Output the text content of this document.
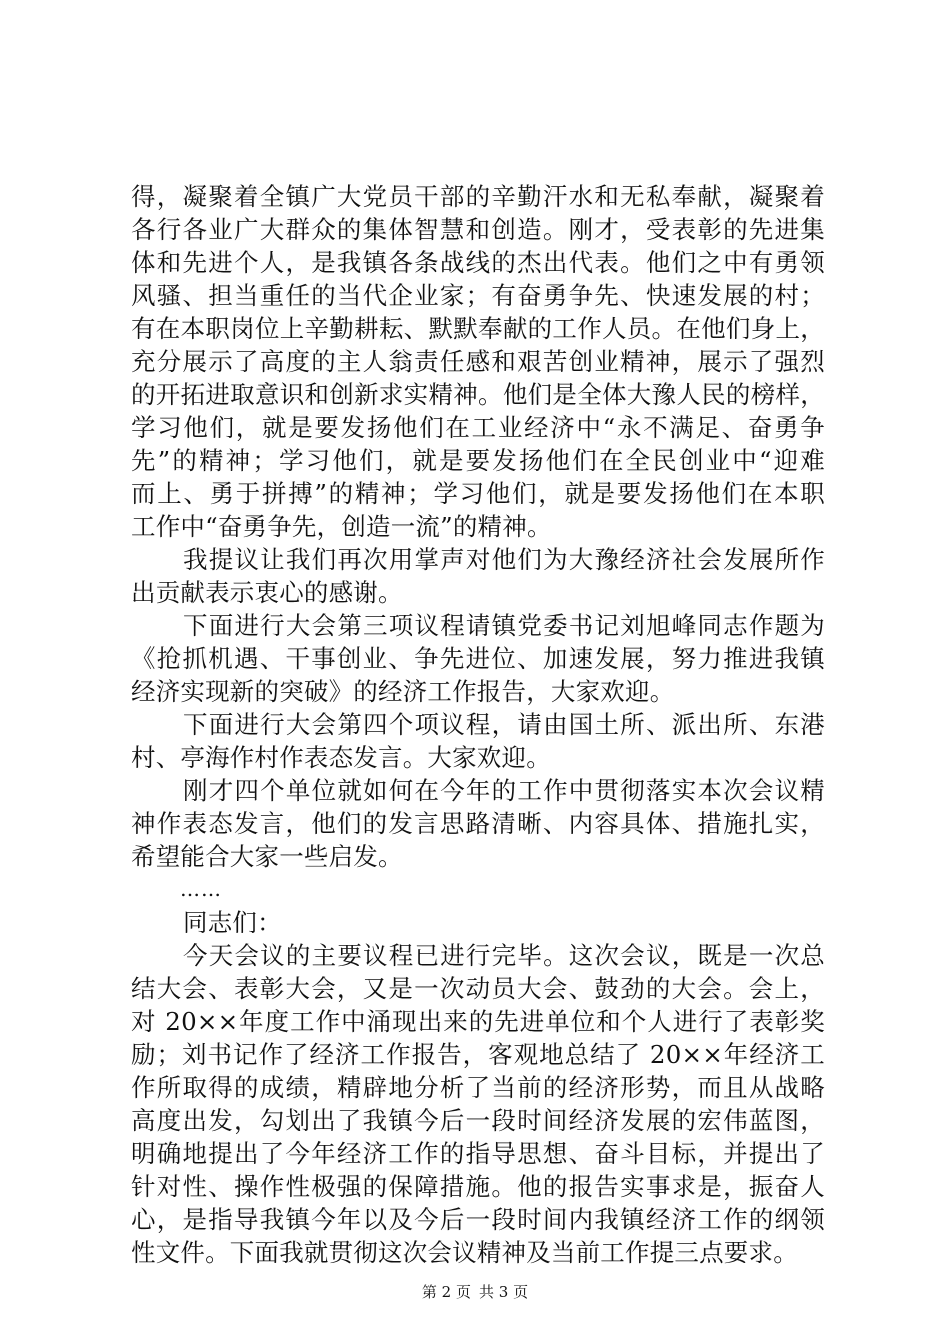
得，凝聚着全镇广大党员干部的辛勤汗水和无私奉献，凝聚着
各行各业广大群众的集体智慧和创造。刚才，受表彰的先进集
体和先进个人，是我镇各条战线的杰出代表。他们之中有勇领
风骚、担当重任的当代企业家；有奋勇争先、快速发展的村；
有在本职岗位上辛勤耕耘、默默奉献的工作人员。在他们身上，
充分展示了高度的主人翁责任感和艰苦创业精神，展示了强烈
的开拓进取意识和创新求实精神。他们是全体大豫人民的榜样，
学习他们，就是要发扬他们在工业经济中“永不满足、奋勇争
先”的精神；学习他们，就是要发扬他们在全民创业中“迎难
而上、勇于拼搏”的精神；学习他们，就是要发扬他们在本职
工作中“奋勇争先，创造一流”的精神。
我提议让我们再次用掌声对他们为大豫经济社会发展所作
出贡献表示衷心的感谢。
下面进行大会第三项议程请镇党委书记刘旭峰同志作题为
《抢抓机遇、干事创业、争先进位、加速发展，努力推进我镇
经济实现新的突破》的经济工作报告，大家欢迎。
下面进行大会第四个项议程，请由国土所、派出所、东港
村、亭海作村作表态发言。大家欢迎。
刚才四个单位就如何在今年的工作中贯彻落实本次会议精
神作表态发言，他们的发言思路清晰、内容具体、措施扎实，
希望能合大家一些启发。
……
同志们：
今天会议的主要议程已进行完毕。这次会议，既是一次总
结大会、表彰大会，又是一次动员大会、鼓劲的大会。会上，
对 20××年度工作中涌现出来的先进单位和个人进行了表彰奖
励；刘书记作了经济工作报告，客观地总结了 20××年经济工
作所取得的成绩，精辟地分析了当前的经济形势，而且从战略
高度出发，勾划出了我镇今后一段时间经济发展的宏伟蓝图，
明确地提出了今年经济工作的指导思想、奋斗目标，并提出了
针对性、操作性极强的保障措施。他的报告实事求是，振奋人
心，是指导我镇今年以及今后一段时间内我镇经济工作的纲领
性文件。下面我就贯彻这次会议精神及当前工作提三点要求。
第 2 页 共 3 页
